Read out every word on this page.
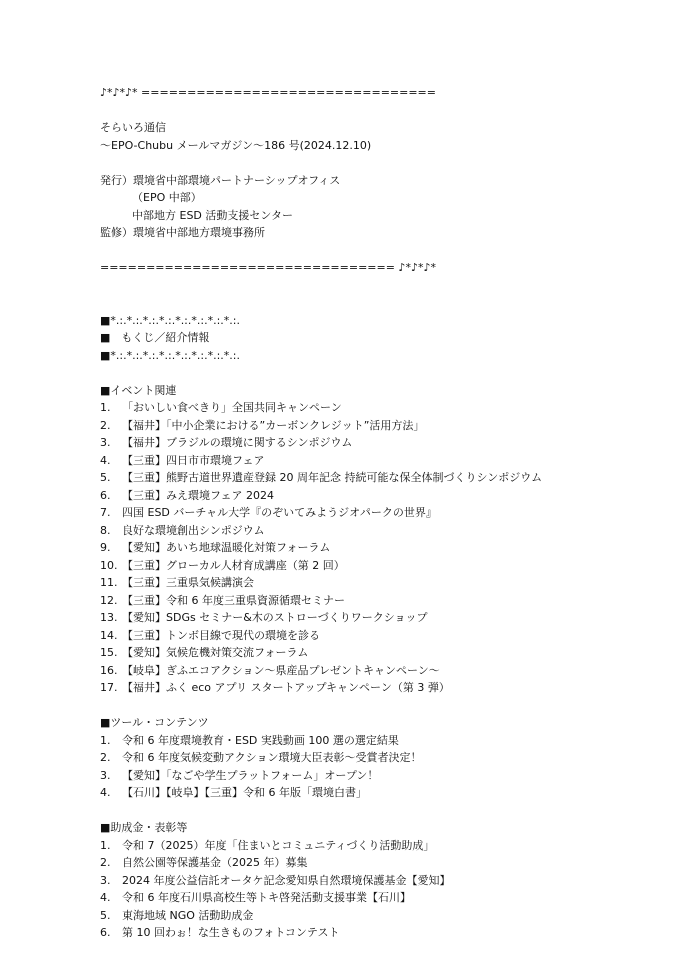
♪*♪*♪* ================================
そらいろ通信
～EPO-Chubu メールマガジン～186 号(2024.12.10)
発行）環境省中部環境パートナーシップオフィス
（EPO 中部）
中部地方 ESD 活動支援センター
監修）環境省中部地方環境事務所
================================ ♪*♪*♪*
■*.:.*.:.*.:.*.:.*.:.*.:.*.:.*.:.
■　もくじ／紹介情報
■*.:.*.:.*.:.*.:.*.:.*.:.*.:.*.:.
■イベント関連
1.	「おいしい食べきり」全国共同キャンペーン
2.	【福井】「中小企業における”カーボンクレジット”活用方法」
3.	【福井】ブラジルの環境に関するシンポジウム
4.	【三重】四日市市環境フェア
5.	【三重】熊野古道世界遺産登録 20 周年記念 持続可能な保全体制づくりシンポジウム
6.	【三重】みえ環境フェア 2024
7.	四国 ESD バーチャル大学『のぞいてみようジオパークの世界』
8.	良好な環境創出シンポジウム
9.	【愛知】あいち地球温暖化対策フォーラム
10. 【三重】グローカル人材育成講座（第 2 回）
11. 【三重】三重県気候講演会
12. 【三重】令和 6 年度三重県資源循環セミナー
13. 【愛知】SDGs セミナー&木のストローづくりワークショップ
14. 【三重】トンボ目線で現代の環境を診る
15. 【愛知】気候危機対策交流フォーラム
16. 【岐阜】ぎふエコアクション～県産品プレゼントキャンペーン～
17. 【福井】ふく eco アプリ スタートアップキャンペーン（第 3 弾）
■ツール・コンテンツ
1.	令和 6 年度環境教育・ESD 実践動画 100 選の選定結果
2.	令和 6 年度気候変動アクション環境大臣表彰～受賞者決定！
3.	【愛知】「なごや学生プラットフォーム」オープン！
4.	【石川】【岐阜】【三重】令和 6 年版「環境白書」
■助成金・表彰等
1.	令和 7（2025）年度「住まいとコミュニティづくり活動助成」
2.	自然公園等保護基金（2025 年）募集
3.	2024 年度公益信託オータケ記念愛知県自然環境保護基金【愛知】
4.	令和 6 年度石川県高校生等トキ啓発活動支援事業【石川】
5.	東海地域 NGO 活動助成金
6.	第 10 回わぉ！な生きものフォトコンテスト
